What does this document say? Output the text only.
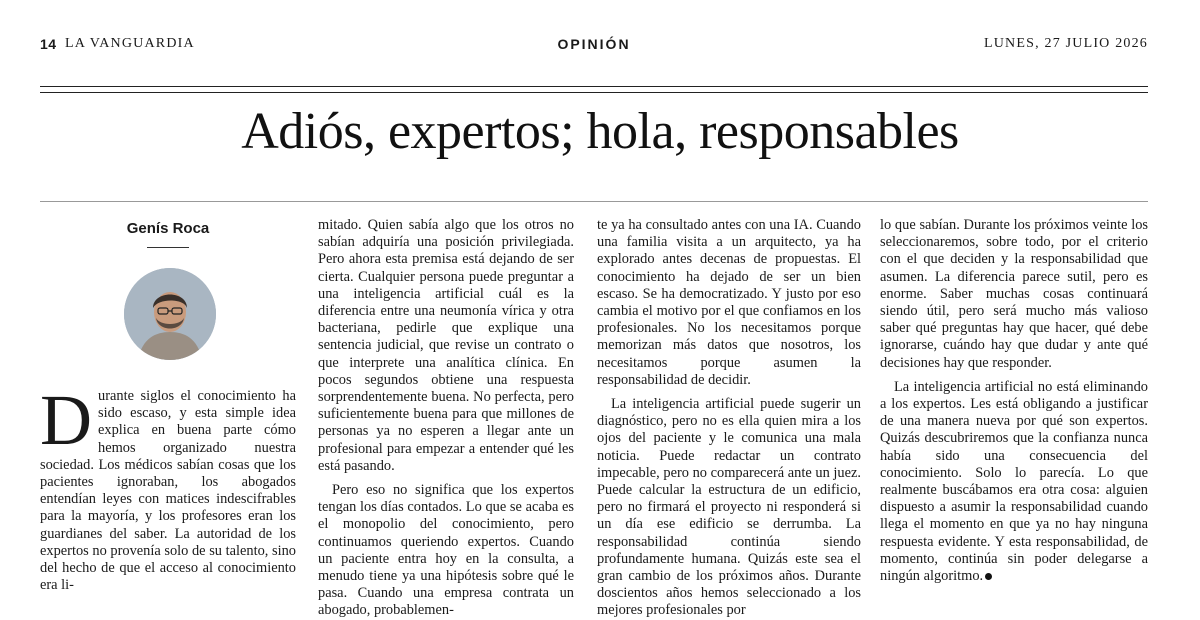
14 LA VANGUARDIA	OPINIÓN	LUNES, 27 JULIO 2026
Adiós, expertos; hola, responsables
Genís Roca

Durante siglos el conocimiento ha sido escaso, y esta simple idea explica en buena parte cómo hemos organizado nuestra sociedad. Los médicos sabían cosas que los pacientes ignoraban, los abogados entendían leyes con matices indescifrables para la mayoría, y los profesores eran los guardianes del saber. La autoridad de los expertos no provenía solo de su talento, sino del hecho de que el acceso al conocimiento era li-

mitado. Quien sabía algo que los otros no sabían adquiría una posición privilegiada. Pero ahora esta premisa está dejando de ser cierta. Cualquier persona puede preguntar a una inteligencia artificial cuál es la diferencia entre una neumonía vírica y otra bacteriana, pedirle que explique una sentencia judicial, que revise un contrato o que interprete una analítica clínica. En pocos segundos obtiene una respuesta sorprendentemente buena. No perfecta, pero suficientemente buena para que millones de personas ya no esperen a llegar ante un profesional para empezar a entender qué les está pasando.

Pero eso no significa que los expertos tengan los días contados. Lo que se acaba es el monopolio del conocimiento, pero continuamos queriendo expertos. Cuando un paciente entra hoy en la consulta, a menudo tiene ya una hipótesis sobre qué le pasa. Cuando una empresa contrata un abogado, probablemen-

te ya ha consultado antes con una IA. Cuando una familia visita a un arquitecto, ya ha explorado antes decenas de propuestas. El conocimiento ha dejado de ser un bien escaso. Se ha democratizado. Y justo por eso cambia el motivo por el que confiamos en los profesionales. No los necesitamos porque memorizan más datos que nosotros, los necesitamos porque asumen la responsabilidad de decidir.

La inteligencia artificial puede sugerir un diagnóstico, pero no es ella quien mira a los ojos del paciente y le comunica una mala noticia. Puede redactar un contrato impecable, pero no comparecerá ante un juez. Puede calcular la estructura de un edificio, pero no firmará el proyecto ni responderá si un día ese edificio se derrumba. La responsabilidad continúa siendo profundamente humana. Quizás este sea el gran cambio de los próximos años. Durante doscientos años hemos seleccionado a los mejores profesionales por

lo que sabían. Durante los próximos veinte los seleccionaremos, sobre todo, por el criterio con el que deciden y la responsabilidad que asumen. La diferencia parece sutil, pero es enorme. Saber muchas cosas continuará siendo útil, pero será mucho más valioso saber qué preguntas hay que hacer, qué debe ignorarse, cuándo hay que dudar y ante qué decisiones hay que responder.

La inteligencia artificial no está eliminando a los expertos. Les está obligando a justificar de una manera nueva por qué son expertos. Quizás descubriremos que la confianza nunca había sido una consecuencia del conocimiento. Solo lo parecía. Lo que realmente buscábamos era otra cosa: alguien dispuesto a asumir la responsabilidad cuando llega el momento en que ya no hay ninguna respuesta evidente. Y esta responsabilidad, de momento, continúa sin poder delegarse a ningún algoritmo.
